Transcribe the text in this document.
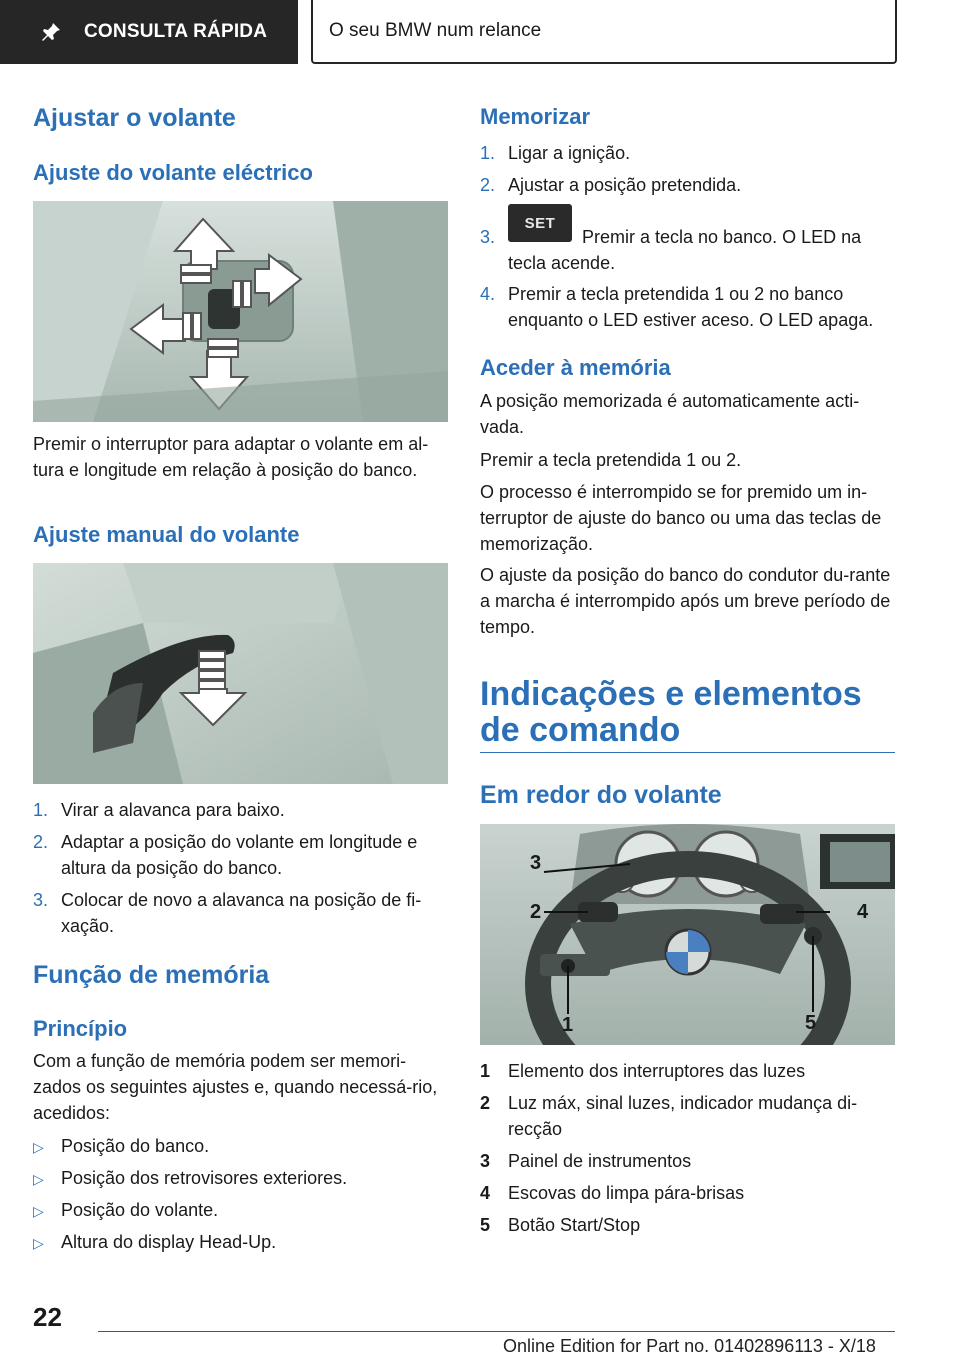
CONSULTA RÁPIDA	O seu BMW num relance
Ajustar o volante
Ajuste do volante eléctrico
Premir o interruptor para adaptar o volante em al-
tura e longitude em relação à posição do banco.
Ajuste manual do volante
1. Virar a alavanca para baixo.
2. Adaptar a posição do volante em longitude e altura da posição do banco.
3. Colocar de novo a alavanca na posição de fi-xação.
Função de memória
Princípio
Com a função de memória podem ser memori-zados os seguintes ajustes e, quando necessá-rio, acedidos:
▷ Posição do banco.
▷ Posição dos retrovisores exteriores.
▷ Posição do volante.
▷ Altura do display Head-Up.
Memorizar
1. Ligar a ignição.
2. Ajustar a posição pretendida.
3.
SET
Premir a tecla no banco. O LED na tecla acende.
4. Premir a tecla pretendida 1 ou 2 no banco enquanto o LED estiver aceso. O LED apaga.
Aceder à memória
A posição memorizada é automaticamente acti-vada.
Premir a tecla pretendida 1 ou 2.
O processo é interrompido se for premido um in-terruptor de ajuste do banco ou uma das teclas de memorização.
O ajuste da posição do banco do condutor du-rante a marcha é interrompido após um breve período de tempo.
Indicações e elementos de comando
Em redor do volante
3
2	4
1	5
1 Elemento dos interruptores das luzes
2 Luz máx, sinal luzes, indicador mudança di-recção
3 Painel de instrumentos
4 Escovas do limpa pára-brisas
5 Botão Start/Stop
22
Online Edition for Part no. 01402896113 - X/18
